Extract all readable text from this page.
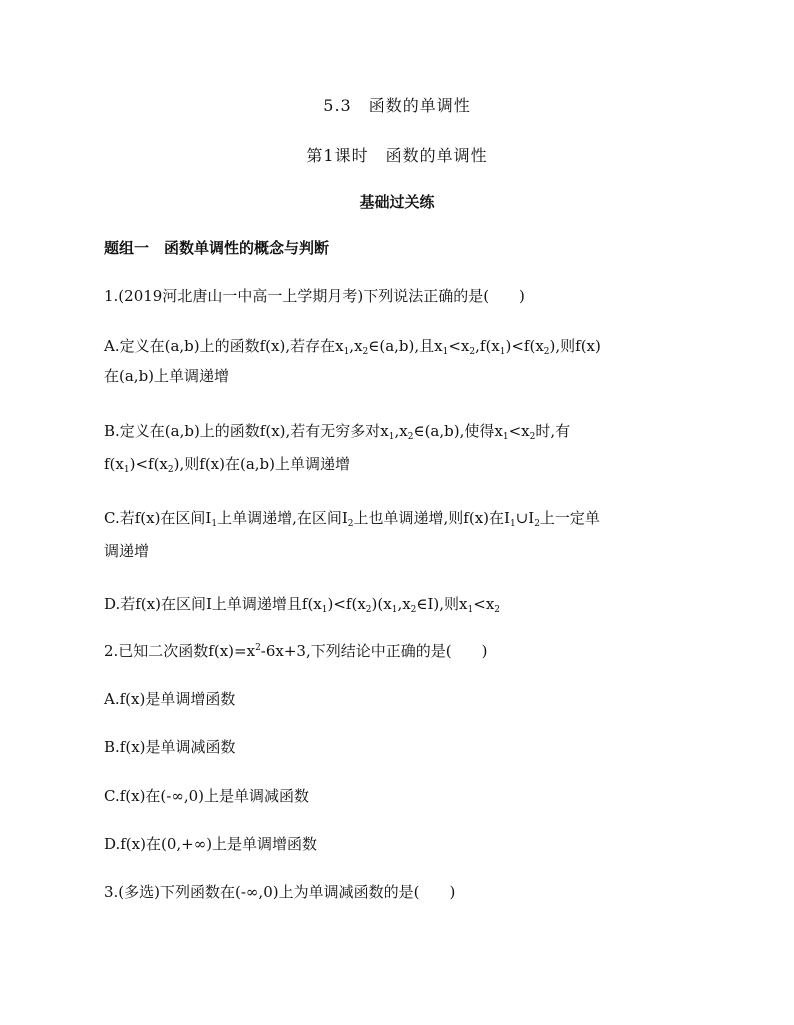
5.3　函数的单调性
第1课时　函数的单调性
基础过关练
题组一　函数单调性的概念与判断
1.(2019河北唐山一中高一上学期月考)下列说法正确的是(　　)
A.定义在(a,b)上的函数f(x),若存在$x_1,x_2\in(a,b)$,且$x_1<x_2,f(x_1)<f(x_2)$,则f(x)
在(a,b)上单调递增
B.定义在(a,b)上的函数f(x),若有无穷多对$x_1,x_2\in(a,b)$,使得$x_1<x_2$时,有
$f(x_1)<f(x_2)$,则f(x)在(a,b)上单调递增
C.若f(x)在区间$I_1$上单调递增,在区间$I_2$上也单调递增,则f(x)在$I_1\cup I_2$上一定单
调递增
D.若f(x)在区间I上单调递增且$f(x_1)<f(x_2)(x_1,x_2\in I)$,则$x_1<x_2$
2.已知二次函数$f(x)=x^2-6x+3$,下列结论中正确的是(　　)
A.f(x)是单调增函数
B.f(x)是单调减函数
C.f(x)在(-∞,0)上是单调减函数
D.f(x)在(0,+∞)上是单调增函数
3.(多选)下列函数在(-∞,0)上为单调减函数的是(　　)
